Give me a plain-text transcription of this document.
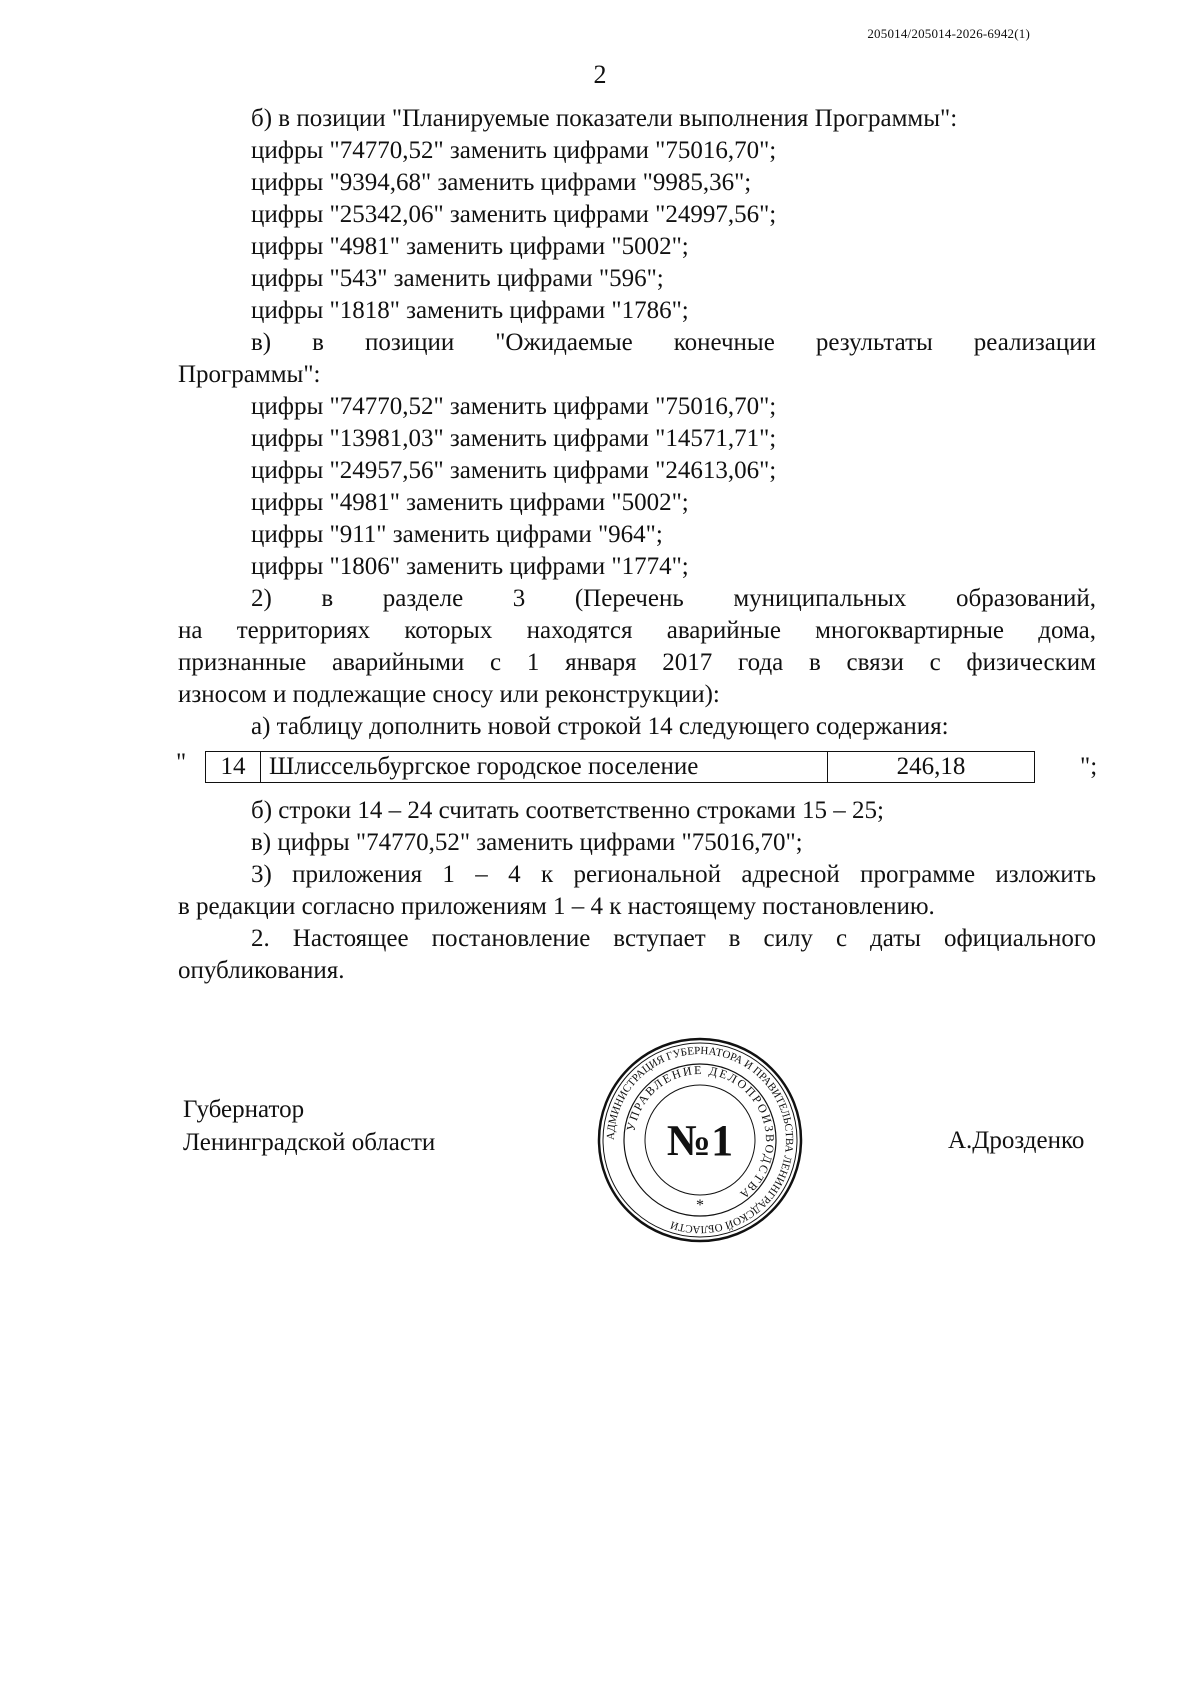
205014/205014-2026-6942(1)
2

б) в позиции "Планируемые показатели выполнения Программы":

цифры "74770,52" заменить цифрами "75016,70";

цифры "9394,68" заменить цифрами "9985,36";

цифры "25342,06" заменить цифрами "24997,56";

цифры "4981" заменить цифрами "5002";

цифры "543" заменить цифрами "596";

цифры "1818" заменить цифрами "1786";

в) в позиции "Ожидаемые конечные результаты реализации

Программы":

цифры "74770,52" заменить цифрами "75016,70";

цифры "13981,03" заменить цифрами "14571,71";

цифры "24957,56" заменить цифрами "24613,06";

цифры "4981" заменить цифрами "5002";

цифры "911" заменить цифрами "964";

цифры "1806" заменить цифрами "1774";

2) в разделе 3 (Перечень муниципальных образований,

на территориях которых находятся аварийные многоквартирные дома,

признанные аварийными с 1 января 2017 года в связи с физическим

износом и подлежащие сносу или реконструкции):

а) таблицу дополнить новой строкой 14 следующего содержания:

" 14	Шлиссельбургское городское поселение	246,18	";

б) строки 14 – 24 считать соответственно строками 15 – 25;

в) цифры "74770,52" заменить цифрами "75016,70";

3) приложения 1 – 4 к региональной адресной программе изложить

в редакции согласно приложениям 1 – 4 к настоящему постановлению.

2. Настоящее постановление вступает в силу с даты официального

опубликования.

Губернатор
Ленинградской области	А.Дрозденко
АДМИНИСТРАЦИЯ ГУБЕРНАТОРА И ПРАВИТЕЛЬСТВА ЛЕНИНГРАДСКОЙ ОБЛАСТИ
УПРАВЛЕНИЕ ДЕЛОПРОИЗВОДСТВА
№1
*
